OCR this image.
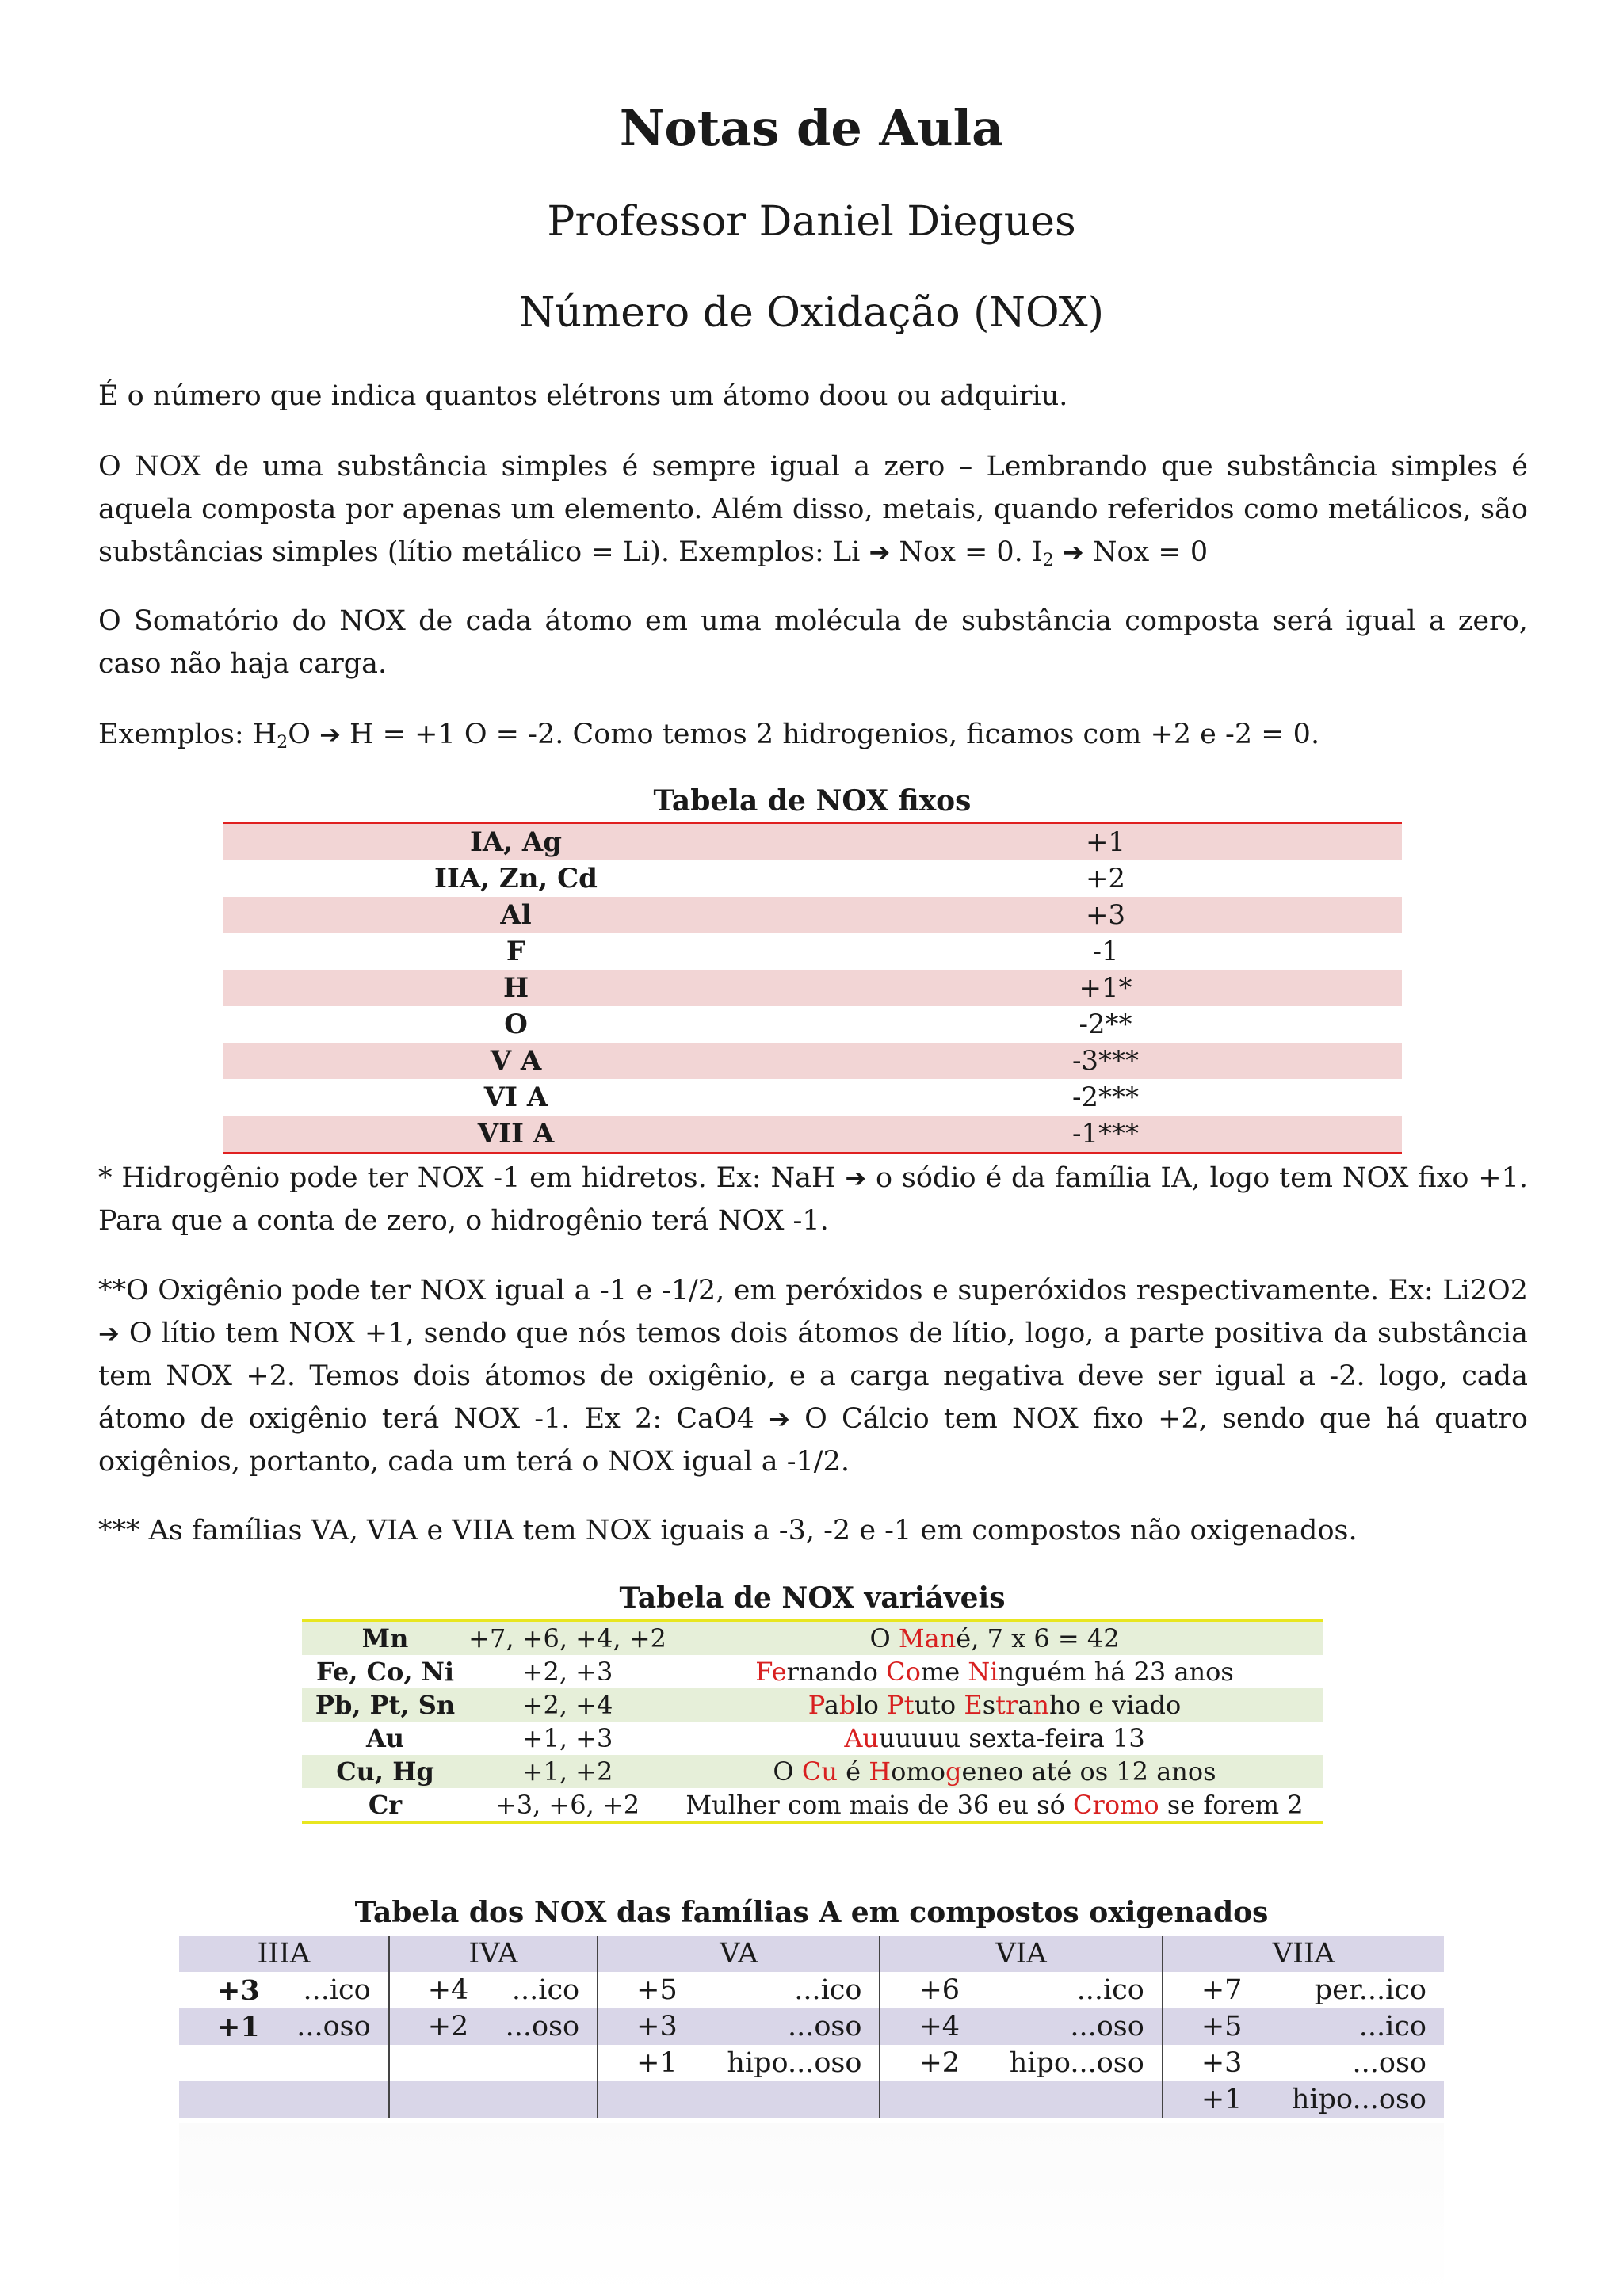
Notas de Aula
Professor Daniel Diegues
Número de Oxidação (NOX)
É o número que indica quantos elétrons um átomo doou ou adquiriu.
O NOX de uma substância simples é sempre igual a zero – Lembrando que substância simples é aquela composta por apenas um elemento. Além disso, metais, quando referidos como metálicos, são substâncias simples (lítio metálico = Li). Exemplos: Li ➔ Nox = 0. $I_2$ ➔ Nox = 0
O Somatório do NOX de cada átomo em uma molécula de substância composta será igual a zero, caso não haja carga.
Exemplos: $H_2O$ ➔ H = +1 O = -2. Como temos 2 hidrogenios, ficamos com +2 e -2 = 0.
Tabela de NOX fixos
IA, Ag	+1
IIA, Zn, Cd	+2
Al	+3
F	-1
H	+1*
O	-2**
V A	-3***
VI A	-2***
VII A	-1***
* Hidrogênio pode ter NOX -1 em hidretos. Ex: NaH ➔ o sódio é da família IA, logo tem NOX fixo +1. Para que a conta de zero, o hidrogênio terá NOX -1.
**O Oxigênio pode ter NOX igual a -1 e -1/2, em peróxidos e superóxidos respectivamente. Ex: Li2O2 ➔ O lítio tem NOX +1, sendo que nós temos dois átomos de lítio, logo, a parte positiva da substância tem NOX +2. Temos dois átomos de oxigênio, e a carga negativa deve ser igual a -2. logo, cada átomo de oxigênio terá NOX -1. Ex 2: CaO4 ➔ O Cálcio tem NOX fixo +2, sendo que há quatro oxigênios, portanto, cada um terá o NOX igual a -1/2.
*** As famílias VA, VIA e VIIA tem NOX iguais a -3, -2 e -1 em compostos não oxigenados.
Tabela de NOX variáveis
Mn	+7, +6, +4, +2	O Mané, 7 x 6 = 42
Fe, Co, Ni	+2, +3	Fernando Come Ninguém há 23 anos
Pb, Pt, Sn	+2, +4	Pablo Ptuto Estranho e viado
Au	+1, +3	Auuuuuu sexta-feira 13
Cu, Hg	+1, +2	O Cu é Homogeneo até os 12 anos
Cr	+3, +6, +2	Mulher com mais de 36 eu só Cromo se forem 2
Tabela dos NOX das famílias A em compostos oxigenados
IIIA	IVA	VA	VIA	VIIA

+3 ...ico	+4 ...ico	+5 ...ico	+6 ...ico	+7 per...ico

+1 ...oso	+2 ...oso	+3 ...oso	+4 ...oso	+5 ...ico

		+1 hipo...oso	+2 hipo...oso	+3 ...oso

				+1 hipo...oso
